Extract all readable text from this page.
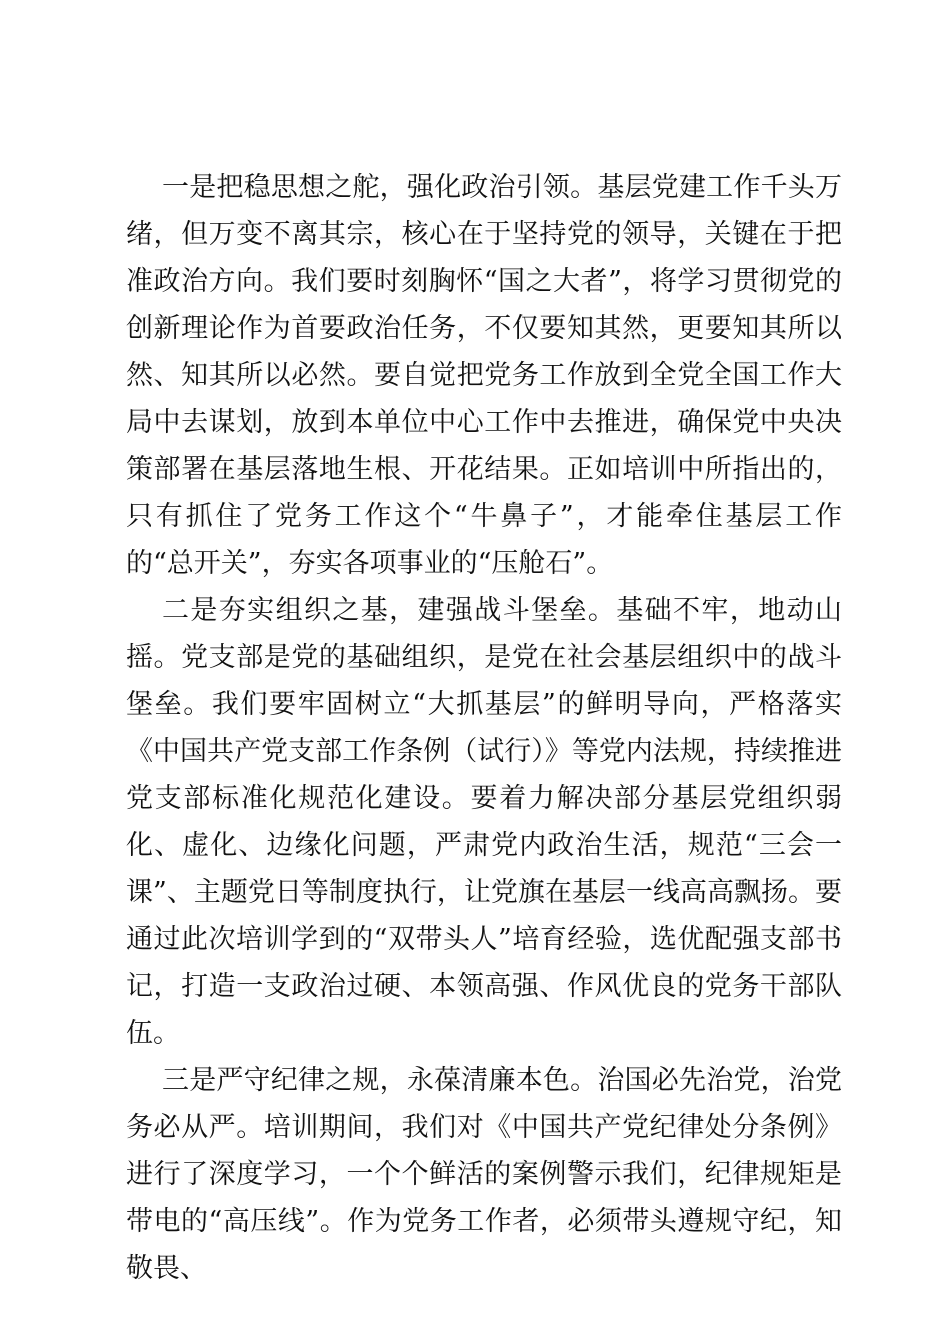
一是把稳思想之舵，强化政治引领。基层党建工作千头万绪，但万变不离其宗，核心在于坚持党的领导，关键在于把准政治方向。我们要时刻胸怀“国之大者”，将学习贯彻党的创新理论作为首要政治任务，不仅要知其然，更要知其所以然、知其所以必然。要自觉把党务工作放到全党全国工作大局中去谋划，放到本单位中心工作中去推进，确保党中央决策部署在基层落地生根、开花结果。正如培训中所指出的，只有抓住了党务工作这个“牛鼻子”，才能牵住基层工作的“总开关”，夯实各项事业的“压舱石”。

二是夯实组织之基，建强战斗堡垒。基础不牢，地动山摇。党支部是党的基础组织，是党在社会基层组织中的战斗堡垒。我们要牢固树立“大抓基层”的鲜明导向，严格落实《中国共产党支部工作条例（试行）》等党内法规，持续推进党支部标准化规范化建设。要着力解决部分基层党组织弱化、虚化、边缘化问题，严肃党内政治生活，规范“三会一课”、主题党日等制度执行，让党旗在基层一线高高飘扬。要通过此次培训学到的“双带头人”培育经验，选优配强支部书记，打造一支政治过硬、本领高强、作风优良的党务干部队伍。

三是严守纪律之规，永葆清廉本色。治国必先治党，治党务必从严。培训期间，我们对《中国共产党纪律处分条例》进行了深度学习，一个个鲜活的案例警示我们，纪律规矩是带电的“高压线”。作为党务工作者，必须带头遵规守纪，知敬畏、
